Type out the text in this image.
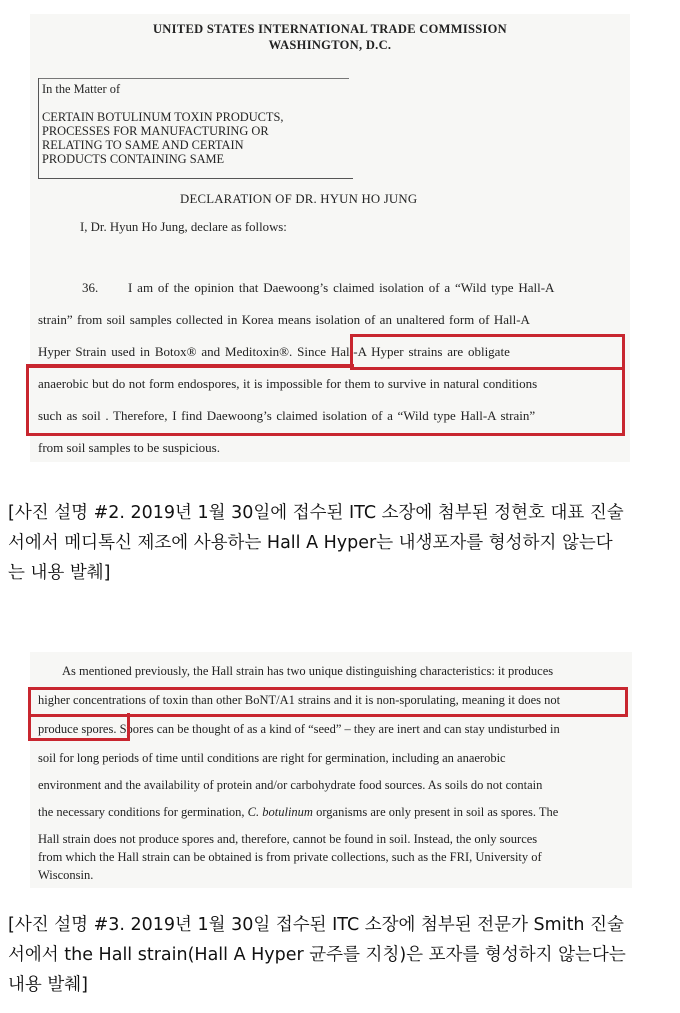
UNITED STATES INTERNATIONAL TRADE COMMISSION
WASHINGTON, D.C.
In the Matter of
CERTAIN BOTULINUM TOXIN PRODUCTS,
PROCESSES FOR MANUFACTURING OR
RELATING TO SAME AND CERTAIN
PRODUCTS CONTAINING SAME
DECLARATION OF DR. HYUN HO JUNG
I, Dr. Hyun Ho Jung, declare as follows:
36. I am of the opinion that Daewoong’s claimed isolation of a “Wild type Hall-A
strain” from soil samples collected in Korea means isolation of an unaltered form of Hall-A
Hyper Strain used in Botox® and Meditoxin®. Since Hall-A Hyper strains are obligate
anaerobic but do not form endospores, it is impossible for them to survive in natural conditions
such as soil . Therefore, I find Daewoong’s claimed isolation of a “Wild type Hall-A strain”
from soil samples to be suspicious.
[사진 설명 #2. 2019년 1월 30일에 접수된 ITC 소장에 첨부된 정현호 대표 진술
서에서 메디톡신 제조에 사용하는 Hall A Hyper는 내생포자를 형성하지 않는다
는 내용 발췌]
As mentioned previously, the Hall strain has two unique distinguishing characteristics: it produces
higher concentrations of toxin than other BoNT/A1 strains and it is non-sporulating, meaning it does not
produce spores. Spores can be thought of as a kind of “seed” – they are inert and can stay undisturbed in
soil for long periods of time until conditions are right for germination, including an anaerobic
environment and the availability of protein and/or carbohydrate food sources. As soils do not contain
the necessary conditions for germination, C. botulinum organisms are only present in soil as spores. The
Hall strain does not produce spores and, therefore, cannot be found in soil. Instead, the only sources
from which the Hall strain can be obtained is from private collections, such as the FRI, University of
Wisconsin.
[사진 설명 #3. 2019년 1월 30일 접수된 ITC 소장에 첨부된 전문가 Smith 진술
서에서 the Hall strain(Hall A Hyper 균주를 지칭)은 포자를 형성하지 않는다는
내용 발췌]
